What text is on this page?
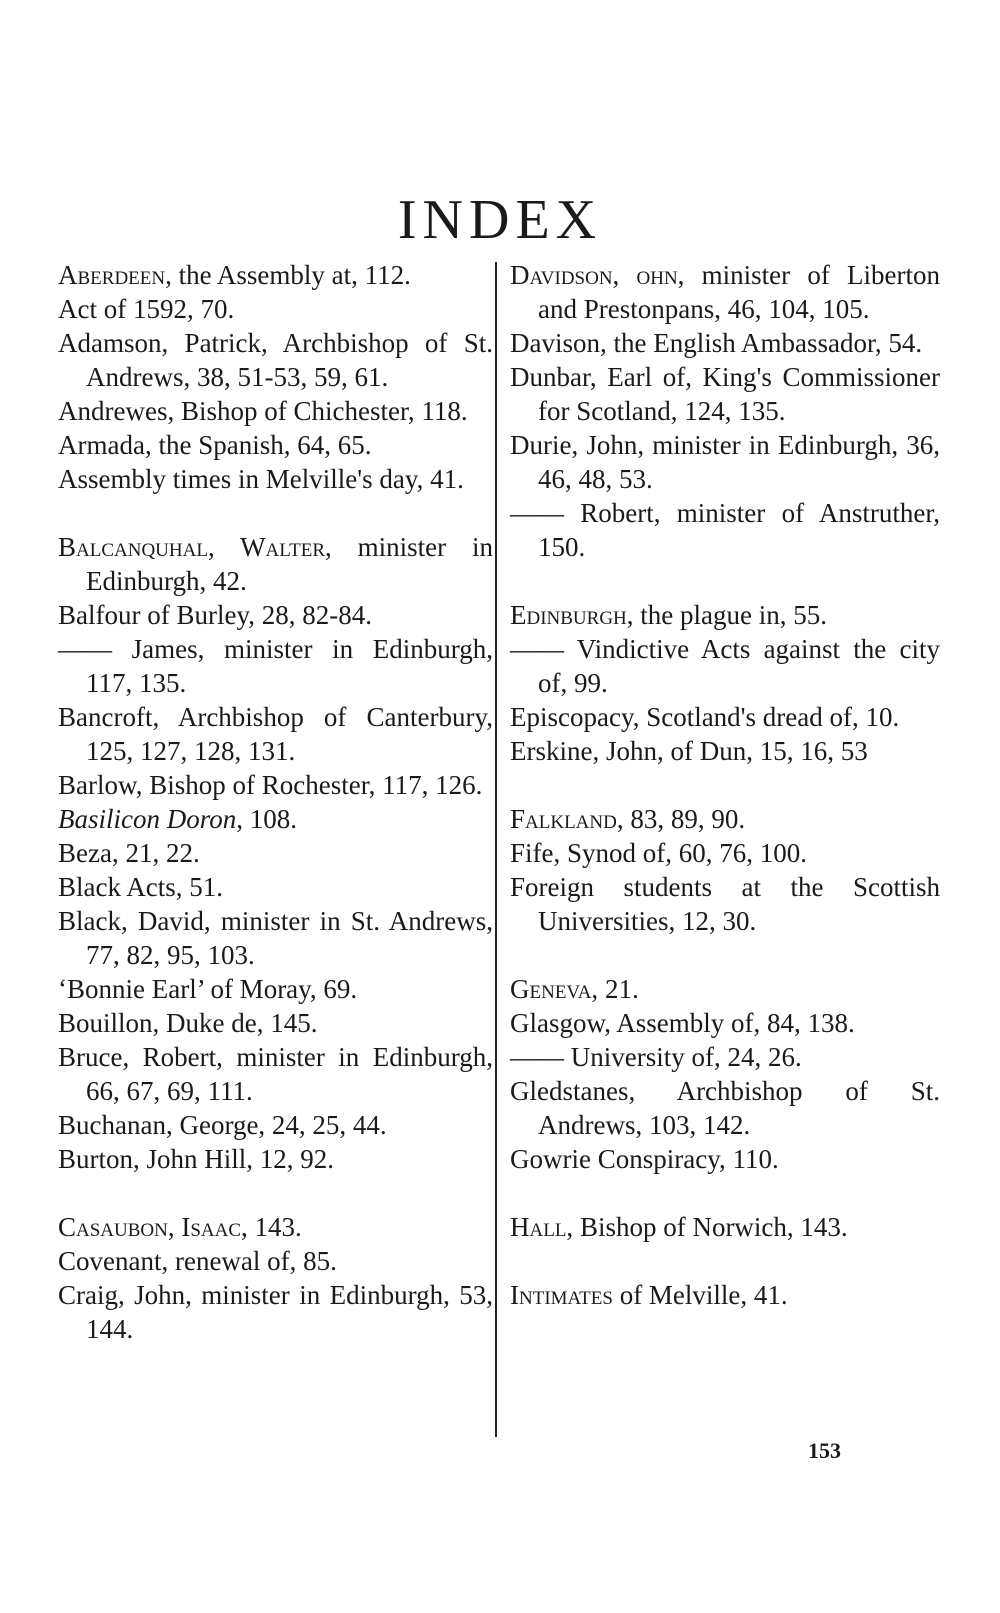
INDEX
Aberdeen, the Assembly at, 112.
Act of 1592, 70.
Adamson, Patrick, Archbishop of St. Andrews, 38, 51-53, 59, 61.
Andrewes, Bishop of Chichester, 118.
Armada, the Spanish, 64, 65.
Assembly times in Melville's day, 41.
Balcanquhal, Walter, minister in Edinburgh, 42.
Balfour of Burley, 28, 82-84.
—— James, minister in Edinburgh, 117, 135.
Bancroft, Archbishop of Canterbury, 125, 127, 128, 131.
Barlow, Bishop of Rochester, 117, 126.
Basilicon Doron, 108.
Beza, 21, 22.
Black Acts, 51.
Black, David, minister in St. Andrews, 77, 82, 95, 103.
‘Bonnie Earl’ of Moray, 69.
Bouillon, Duke de, 145.
Bruce, Robert, minister in Edinburgh, 66, 67, 69, 111.
Buchanan, George, 24, 25, 44.
Burton, John Hill, 12, 92.
Casaubon, Isaac, 143.
Covenant, renewal of, 85.
Craig, John, minister in Edinburgh, 53, 144.
Davidson, ohn, minister of Liberton and Prestonpans, 46, 104, 105.
Davison, the English Ambassador, 54.
Dunbar, Earl of, King's Commissioner for Scotland, 124, 135.
Durie, John, minister in Edinburgh, 36, 46, 48, 53.
—— Robert, minister of Anstruther, 150.
Edinburgh, the plague in, 55.
—— Vindictive Acts against the city of, 99.
Episcopacy, Scotland's dread of, 10.
Erskine, John, of Dun, 15, 16, 53
Falkland, 83, 89, 90.
Fife, Synod of, 60, 76, 100.
Foreign students at the Scottish Universities, 12, 30.
Geneva, 21.
Glasgow, Assembly of, 84, 138.
—— University of, 24, 26.
Gledstanes, Archbishop of St. Andrews, 103, 142.
Gowrie Conspiracy, 110.
Hall, Bishop of Norwich, 143.
Intimates of Melville, 41.
153
